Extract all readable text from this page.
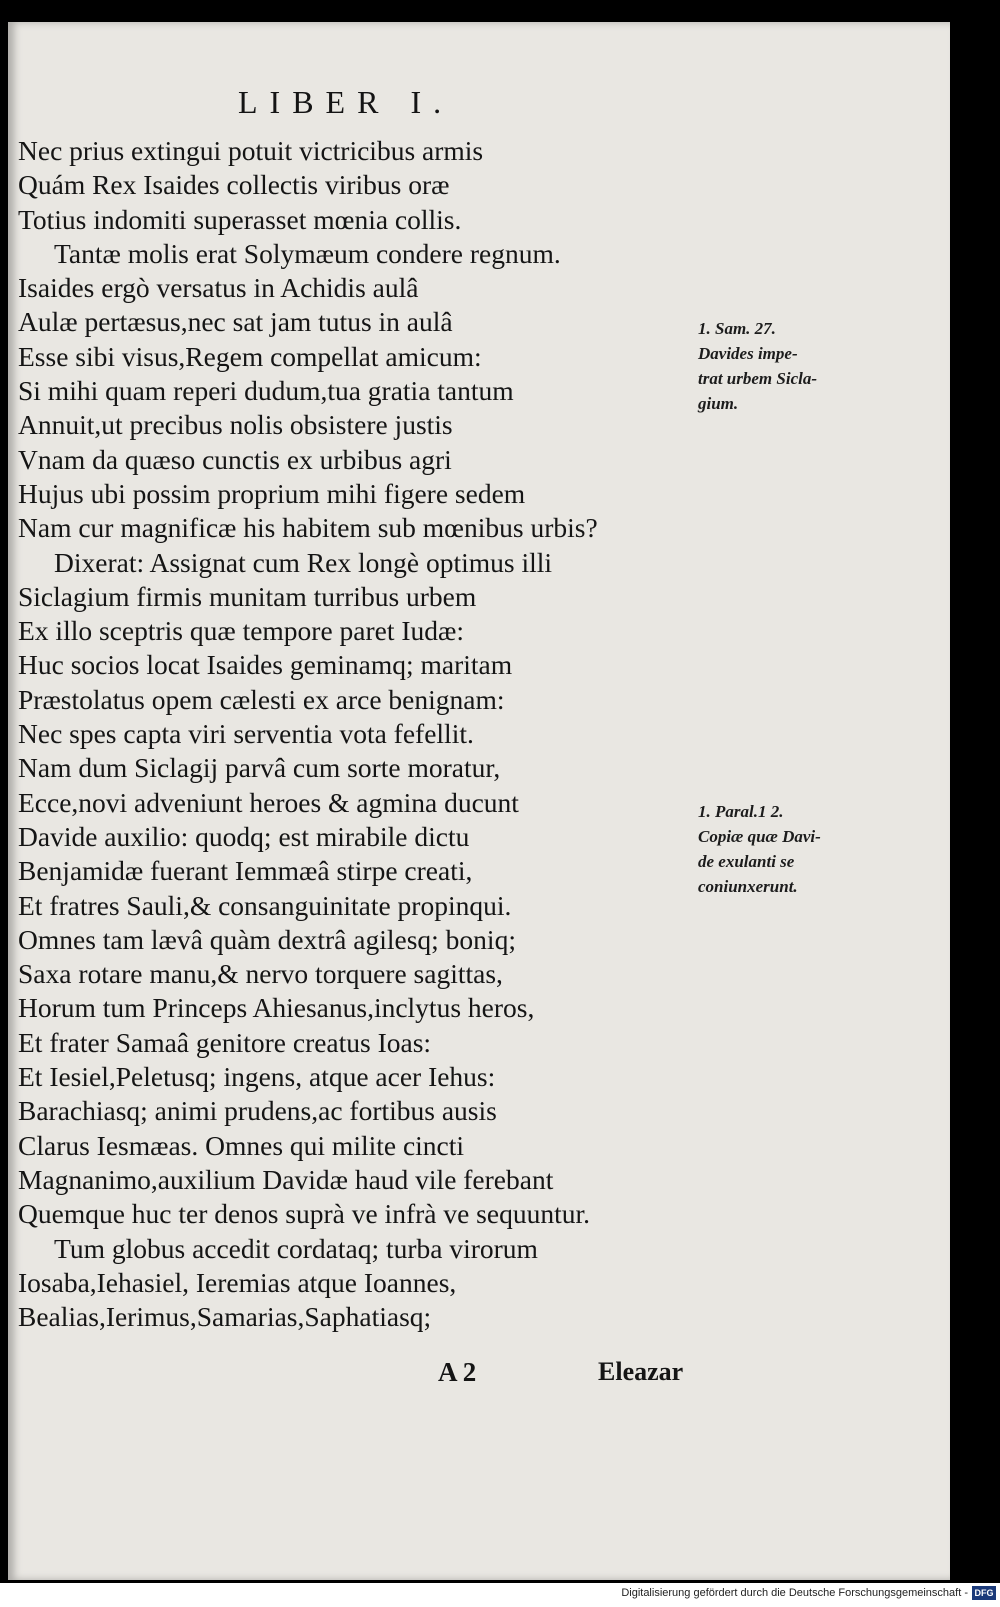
LIBER I.
Nec prius extingui potuit victricibus armis
Quám Rex Isaides collectis viribus oræ
Totius indomiti superasset mœnia collis.
Tantæ molis erat Solymæum condere regnum.
Isaides ergò versatus in Achidis aulâ
Aulæ pertæsus,nec sat jam tutus in aulâ
Esse sibi visus,Regem compellat amicum:
Si mihi quam reperi dudum,tua gratia tantum
Annuit,ut precibus nolis obsistere justis
Vnam da quæso cunctis ex urbibus agri
Hujus ubi possim proprium mihi figere sedem
Nam cur magnificæ his habitem sub mœnibus urbis?
Dixerat: Assignat cum Rex longè optimus illi
Siclagium firmis munitam turribus urbem
Ex illo sceptris quæ tempore paret Iudæ:
Huc socios locat Isaides geminamq; maritam
Præstolatus opem cælesti ex arce benignam:
Nec spes capta viri serventia vota fefellit.
Nam dum Siclagij parvâ cum sorte moratur,
Ecce,novi adveniunt heroes & agmina ducunt
Davide auxilio: quodq; est mirabile dictu
Benjamidæ fuerant Iemmæâ stirpe creati,
Et fratres Sauli,& consanguinitate propinqui.
Omnes tam lævâ quàm dextrâ agilesq; boniq;
Saxa rotare manu,& nervo torquere sagittas,
Horum tum Princeps Ahiesanus,inclytus heros,
Et frater Samaâ genitore creatus Ioas:
Et Iesiel,Peletusq; ingens, atque acer Iehus:
Barachiasq; animi prudens,ac fortibus ausis
Clarus Iesmæas. Omnes qui milite cincti
Magnanimo,auxilium Davidæ haud vile ferebant
Quemque huc ter denos suprà ve infrà ve sequuntur.
Tum globus accedit cordataq; turba virorum
Iosaba,Iehasiel, Ieremias atque Ioannes,
Bealias,Ierimus,Samarias,Saphatiasq;
1. Sam. 27.
Davides impe-
trat urbem Sicla-
gium.
1. Paral.1 2.
Copiæ quæ Davi-
de exulanti se
coniunxerunt.
A 2	Eleazar
Digitalisierung gefördert durch die Deutsche Forschungsgemeinschaft - DFG
